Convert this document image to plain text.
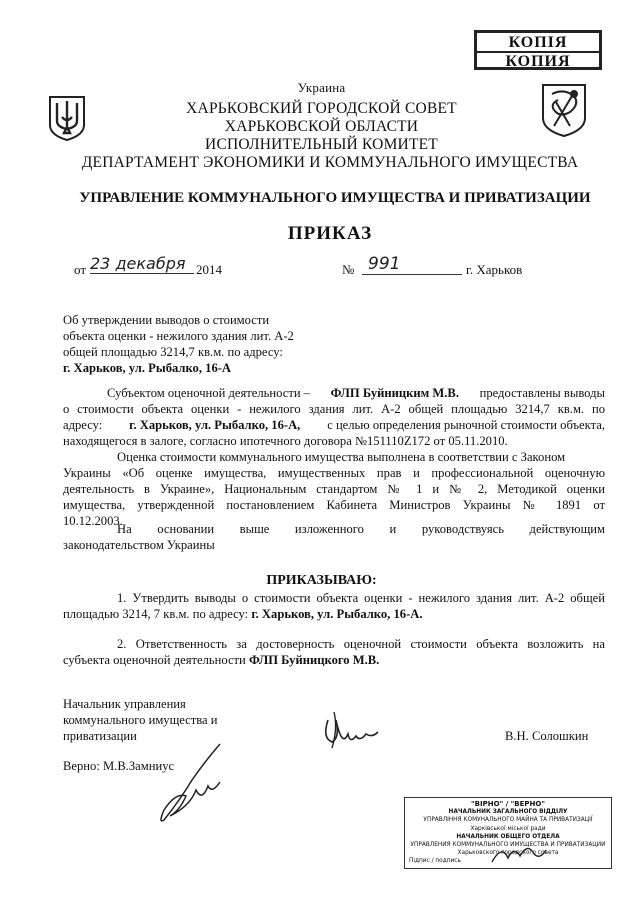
КОПІЯ
КОПИЯ
Украина
ХАРЬКОВСКИЙ ГОРОДСКОЙ СОВЕТ
ХАРЬКОВСКОЙ ОБЛАСТИ
ИСПОЛНИТЕЛЬНЫЙ КОМИТЕТ
ДЕПАРТАМЕНТ ЭКОНОМИКИ И КОММУНАЛЬНОГО ИМУЩЕСТВА
УПРАВЛЕНИЕ КОММУНАЛЬНОГО ИМУЩЕСТВА И ПРИВАТИЗАЦИИ
ПРИКАЗ
от 23 декабря 2014	№ 991	г. Харьков
Об утверждении выводов о стоимости
объекта оценки - нежилого здания лит. А-2
общей площадью 3214,7 кв.м. по адресу:
г. Харьков, ул. Рыбалко, 16-А
Субъектом оценочной деятельности – ФЛП Буйницким М.В. предоставлены выводы
о стоимости объекта оценки - нежилого здания лит. А-2 общей площадью 3214,7 кв.м. по
адресу: г. Харьков, ул. Рыбалко, 16-А, с целью определения рыночной стоимости объекта,
находящегося в залоге, согласно ипотечного договора №151110Z172 от 05.11.2010.
Оценка стоимости коммунального имущества выполнена в соответствии с Законом
Украины «Об оценке имущества, имущественных прав и профессиональной оценочную
деятельность в Украине», Национальным стандартом № 1 и № 2, Методикой оценки
имущества, утвержденной постановлением Кабинета Министров Украины № 1891 от
10.12.2003.
На основании выше изложенного и руководствуясь действующим
законодательством Украины
ПРИКАЗЫВАЮ:
1. Утвердить выводы о стоимости объекта оценки - нежилого здания лит. А-2 общей
площадью 3214, 7 кв.м. по адресу: г. Харьков, ул. Рыбалко, 16-А.
2. Ответственность за достоверность оценочной стоимости объекта возложить на
субъекта оценочной деятельности ФЛП Буйницкого М.В.
Начальник управления
коммунального имущества и
приватизации	В.Н. Солошкин
Верно: М.В.Замниус
"ВІРНО" / "ВЕРНО"
НАЧАЛЬНИК ЗАГАЛЬНОГО ВІДДІЛУ
УПРАВЛІННЯ КОМУНАЛЬНОГО МАЙНА ТА ПРИВАТИЗАЦІЇ
Харківської міської ради
НАЧАЛЬНИК ОБЩЕГО ОТДЕЛА
УПРАВЛЕНИЯ КОММУНАЛЬНОГО ИМУЩЕСТВА И ПРИВАТИЗАЦИИ
Харьковского городского совета
Підпис / подпись
